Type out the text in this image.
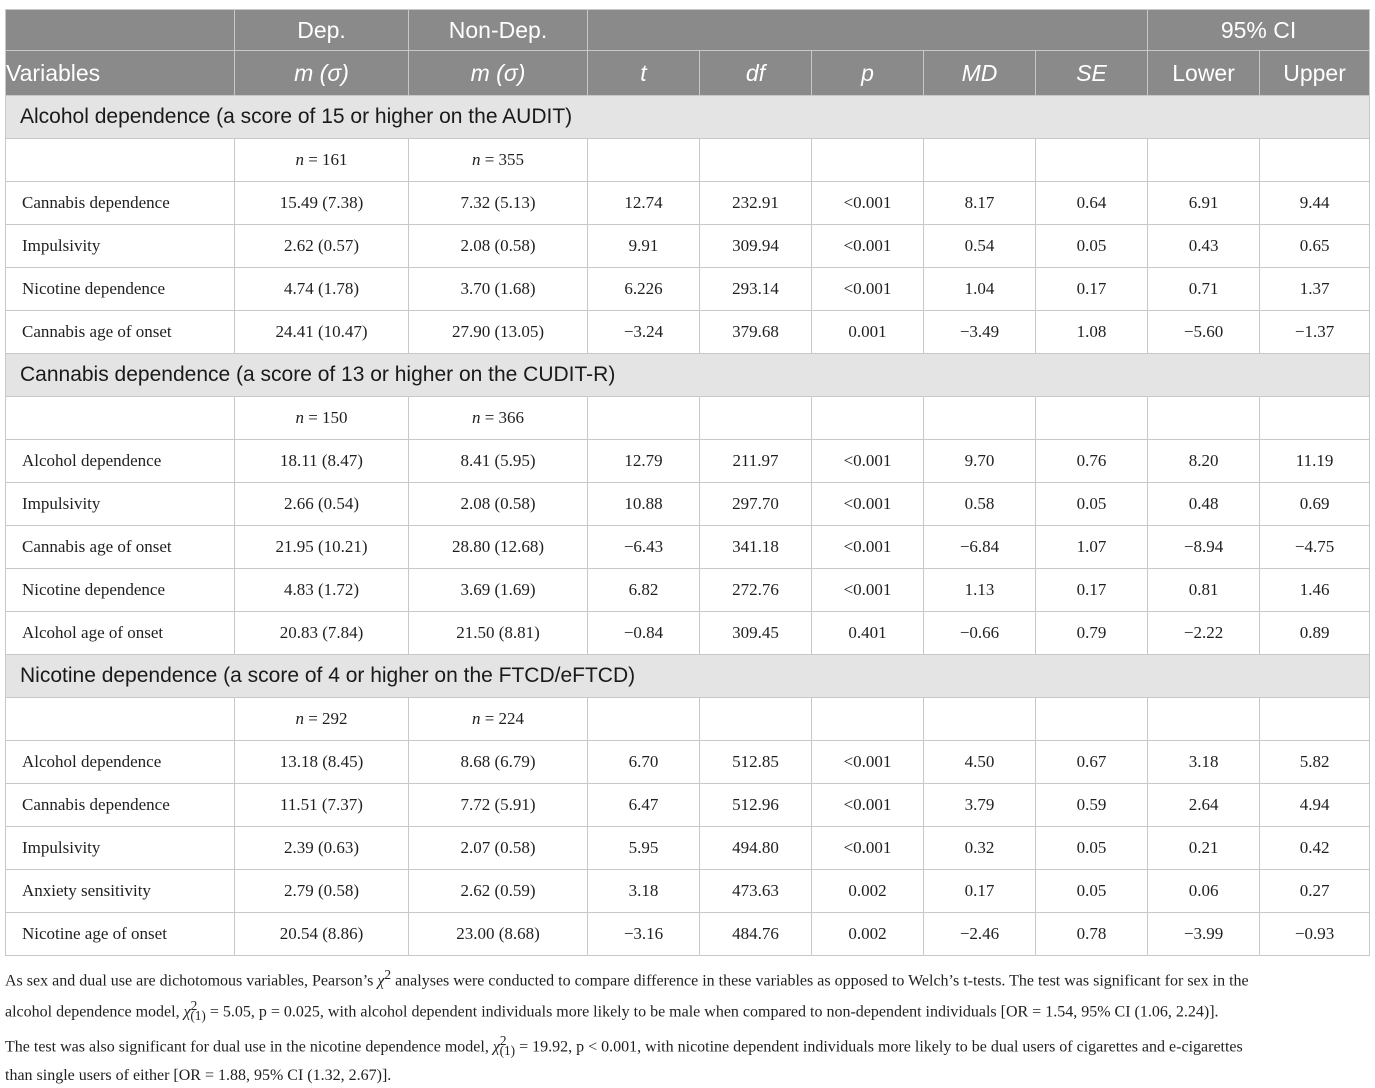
	Dep.	Non-Dep.						95% CI	
Variables	m (σ)	m (σ)	t	df	p	MD	SE	Lower	Upper
Alcohol dependence (a score of 15 or higher on the AUDIT)									
	n = 161	n = 355							
Cannabis dependence	15.49 (7.38)	7.32 (5.13)	12.74	232.91	<0.001	8.17	0.64	6.91	9.44
Impulsivity	2.62 (0.57)	2.08 (0.58)	9.91	309.94	<0.001	0.54	0.05	0.43	0.65
Nicotine dependence	4.74 (1.78)	3.70 (1.68)	6.226	293.14	<0.001	1.04	0.17	0.71	1.37
Cannabis age of onset	24.41 (10.47)	27.90 (13.05)	−3.24	379.68	0.001	−3.49	1.08	−5.60	−1.37
Cannabis dependence (a score of 13 or higher on the CUDIT-R)									
	n = 150	n = 366							
Alcohol dependence	18.11 (8.47)	8.41 (5.95)	12.79	211.97	<0.001	9.70	0.76	8.20	11.19
Impulsivity	2.66 (0.54)	2.08 (0.58)	10.88	297.70	<0.001	0.58	0.05	0.48	0.69
Cannabis age of onset	21.95 (10.21)	28.80 (12.68)	−6.43	341.18	<0.001	−6.84	1.07	−8.94	−4.75
Nicotine dependence	4.83 (1.72)	3.69 (1.69)	6.82	272.76	<0.001	1.13	0.17	0.81	1.46
Alcohol age of onset	20.83 (7.84)	21.50 (8.81)	−0.84	309.45	0.401	−0.66	0.79	−2.22	0.89
Nicotine dependence (a score of 4 or higher on the FTCD/eFTCD)									
	n = 292	n = 224							
Alcohol dependence	13.18 (8.45)	8.68 (6.79)	6.70	512.85	<0.001	4.50	0.67	3.18	5.82
Cannabis dependence	11.51 (7.37)	7.72 (5.91)	6.47	512.96	<0.001	3.79	0.59	2.64	4.94
Impulsivity	2.39 (0.63)	2.07 (0.58)	5.95	494.80	<0.001	0.32	0.05	0.21	0.42
Anxiety sensitivity	2.79 (0.58)	2.62 (0.59)	3.18	473.63	0.002	0.17	0.05	0.06	0.27
Nicotine age of onset	20.54 (8.86)	23.00 (8.68)	−3.16	484.76	0.002	−2.46	0.78	−3.99	−0.93

As sex and dual use are dichotomous variables, Pearson’s $\chi^2$ analyses were conducted to compare difference in these variables as opposed to Welch’s t-tests. The test was significant for sex in the
alcohol dependence model, $\chi^2_{(1)} = 5.05$, p = 0.025, with alcohol dependent individuals more likely to be male when compared to non-dependent individuals [OR = 1.54, 95% CI (1.06, 2.24)].
The test was also significant for dual use in the nicotine dependence model, $\chi^2_{(1)} = 19.92$, p < 0.001, with nicotine dependent individuals more likely to be dual users of cigarettes and e-cigarettes
than single users of either [OR = 1.88, 95% CI (1.32, 2.67)].
